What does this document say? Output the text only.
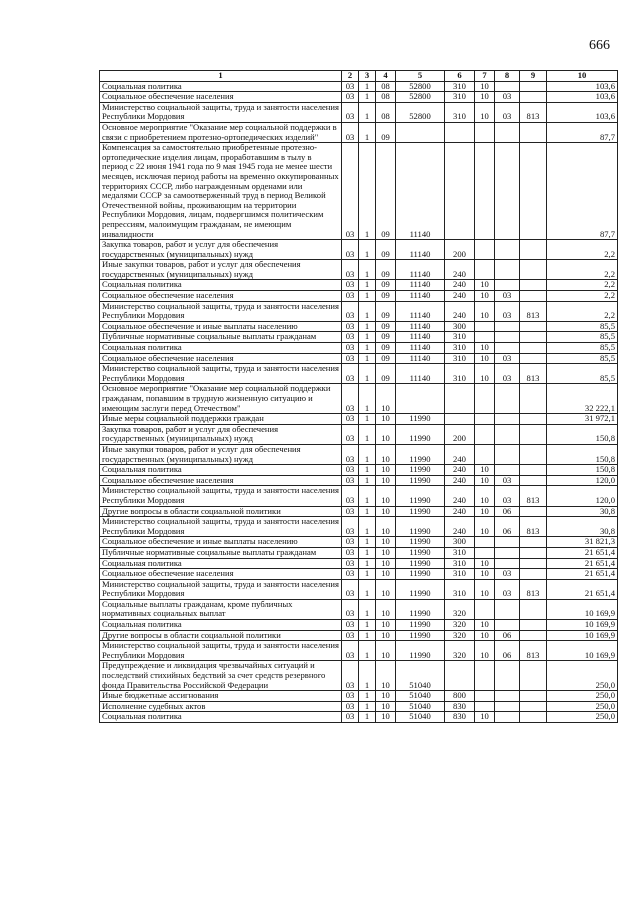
666
1	2	3	4	5	6	7	8	9	10
Социальная политика	03	1	08	52800	310	10			103,6
Социальное обеспечение населения	03	1	08	52800	310	10	03		103,6
Министерство социальной защиты, труда и занятости населения Республики Мордовия	03	1	08	52800	310	10	03	813	103,6
Основное мероприятие "Оказание мер социальной поддержки в связи с приобретением протезно-ортопедических изделий"	03	1	09						87,7
Компенсация за самостоятельно приобретенные протезно-ортопедические изделия лицам, проработавшим в тылу в период с 22 июня 1941 года по 9 мая 1945 года не менее шести месяцев, исключая период работы на временно оккупированных территориях СССР, либо награжденным орденами или медалями СССР за самоотверженный труд в период Великой Отечественной войны, проживающим на территории Республики Мордовия, лицам, подвергшимся политическим репрессиям, малоимущим гражданам, не имеющим инвалидности	03	1	09	11140					87,7
Закупка товаров, работ и услуг для обеспечения государственных (муниципальных) нужд	03	1	09	11140	200				2,2
Иные закупки товаров, работ и услуг для обеспечения государственных (муниципальных) нужд	03	1	09	11140	240				2,2
Социальная политика	03	1	09	11140	240	10			2,2
Социальное обеспечение населения	03	1	09	11140	240	10	03		2,2
Министерство социальной защиты, труда и занятости населения Республики Мордовия	03	1	09	11140	240	10	03	813	2,2
Социальное обеспечение и иные выплаты населению	03	1	09	11140	300				85,5
Публичные нормативные социальные выплаты гражданам	03	1	09	11140	310				85,5
Социальная политика	03	1	09	11140	310	10			85,5
Социальное обеспечение населения	03	1	09	11140	310	10	03		85,5
Министерство социальной защиты, труда и занятости населения Республики Мордовия	03	1	09	11140	310	10	03	813	85,5
Основное мероприятие "Оказание мер социальной поддержки гражданам, попавшим в трудную жизненную ситуацию и имеющим заслуги перед Отечеством"	03	1	10						32 222,1
Иные меры социальной поддержки граждан	03	1	10	11990					31 972,1
Закупка товаров, работ и услуг для обеспечения государственных (муниципальных) нужд	03	1	10	11990	200				150,8
Иные закупки товаров, работ и услуг для обеспечения государственных (муниципальных) нужд	03	1	10	11990	240				150,8
Социальная политика	03	1	10	11990	240	10			150,8
Социальное обеспечение населения	03	1	10	11990	240	10	03		120,0
Министерство социальной защиты, труда и занятости населения Республики Мордовия	03	1	10	11990	240	10	03	813	120,0
Другие вопросы в области социальной политики	03	1	10	11990	240	10	06		30,8
Министерство социальной защиты, труда и занятости населения Республики Мордовия	03	1	10	11990	240	10	06	813	30,8
Социальное обеспечение и иные выплаты населению	03	1	10	11990	300				31 821,3
Публичные нормативные социальные выплаты гражданам	03	1	10	11990	310				21 651,4
Социальная политика	03	1	10	11990	310	10			21 651,4
Социальное обеспечение населения	03	1	10	11990	310	10	03		21 651,4
Министерство социальной защиты, труда и занятости населения Республики Мордовия	03	1	10	11990	310	10	03	813	21 651,4
Социальные выплаты гражданам, кроме публичных нормативных социальных выплат	03	1	10	11990	320				10 169,9
Социальная политика	03	1	10	11990	320	10			10 169,9
Другие вопросы в области социальной политики	03	1	10	11990	320	10	06		10 169,9
Министерство социальной защиты, труда и занятости населения Республики Мордовия	03	1	10	11990	320	10	06	813	10 169,9
Предупреждение и ликвидация чрезвычайных ситуаций и последствий стихийных бедствий за счет средств резервного фонда Правительства Российской Федерации	03	1	10	51040					250,0
Иные бюджетные ассигнования	03	1	10	51040	800				250,0
Исполнение судебных актов	03	1	10	51040	830				250,0
Социальная политика	03	1	10	51040	830	10			250,0
